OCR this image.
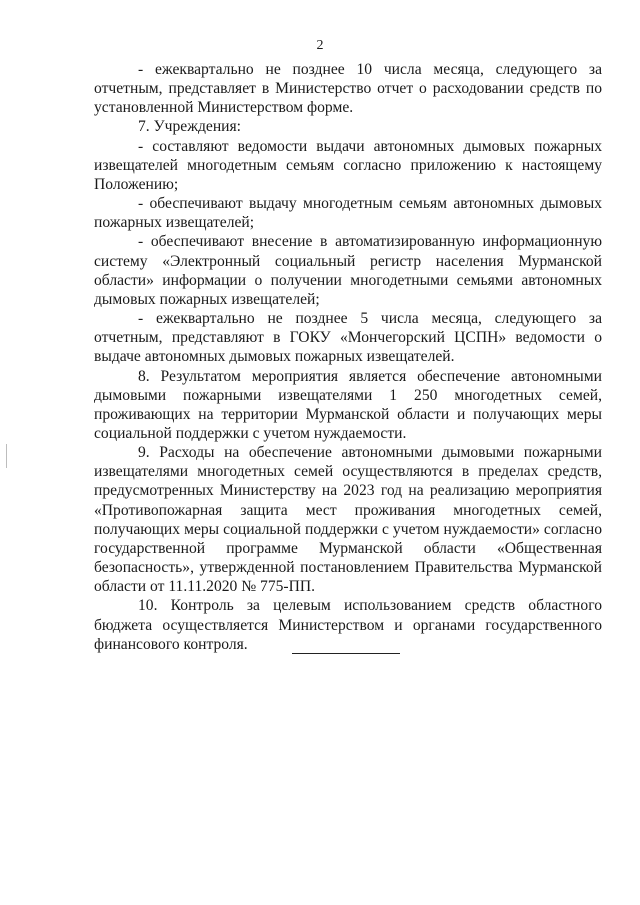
2

- ежеквартально не позднее 10 числа месяца, следующего за отчетным, представляет в Министерство отчет о расходовании средств по установленной Министерством форме.

7. Учреждения:

- составляют ведомости выдачи автономных дымовых пожарных извещателей многодетным семьям согласно приложению к настоящему Положению;

- обеспечивают выдачу многодетным семьям автономных дымовых пожарных извещателей;

- обеспечивают внесение в автоматизированную информационную систему «Электронный социальный регистр населения Мурманской области» информации о получении многодетными семьями автономных дымовых пожарных извещателей;

- ежеквартально не позднее 5 числа месяца, следующего за отчетным, представляют в ГОКУ «Мончегорский ЦСПН» ведомости о выдаче автономных дымовых пожарных извещателей.

8. Результатом мероприятия является обеспечение автономными дымовыми пожарными извещателями 1 250 многодетных семей, проживающих на территории Мурманской области и получающих меры социальной поддержки с учетом нуждаемости.

9. Расходы на обеспечение автономными дымовыми пожарными извещателями многодетных семей осуществляются в пределах средств, предусмотренных Министерству на 2023 год на реализацию мероприятия «Противопожарная защита мест проживания многодетных семей, получающих меры социальной поддержки с учетом нуждаемости» согласно государственной программе Мурманской области «Общественная безопасность», утвержденной постановлением Правительства Мурманской области от 11.11.2020 № 775-ПП.

10. Контроль за целевым использованием средств областного бюджета осуществляется Министерством и органами государственного финансового контроля.
